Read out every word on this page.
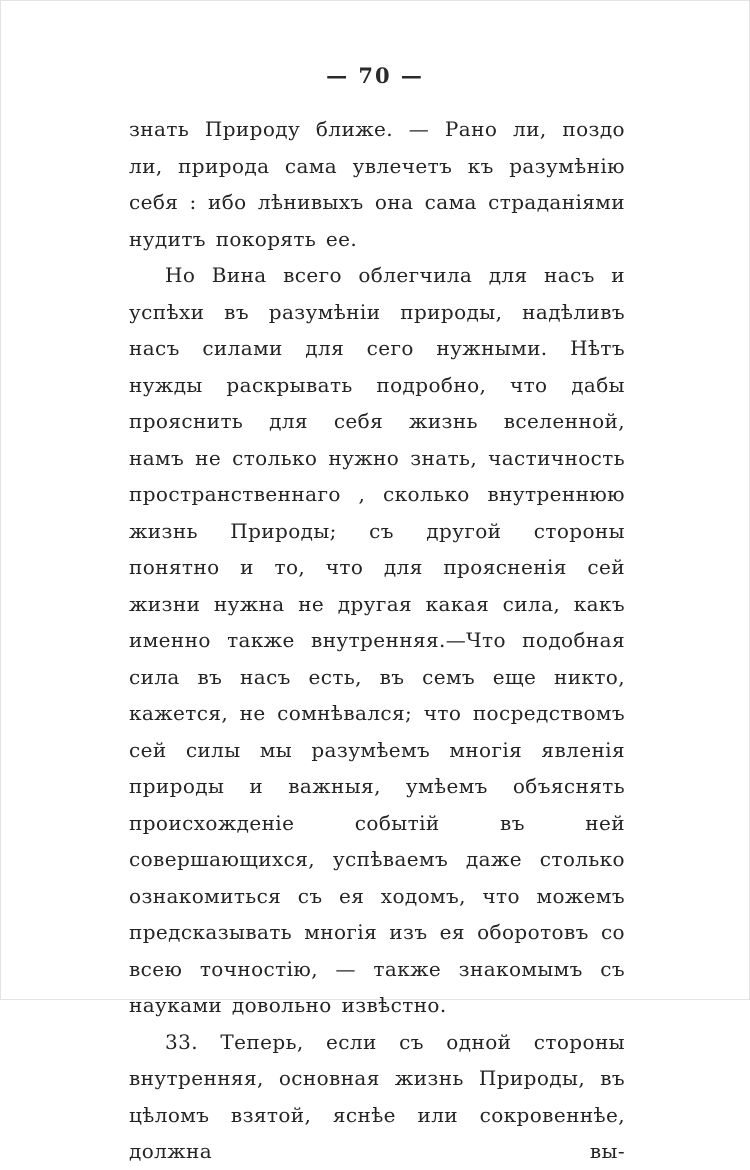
— 70 —

знать Природу ближе. — Рано ли, поздо ли, природа сама увлечетъ къ разумѣнію себя : ибо лѣнивыхъ она сама страданіями нудитъ покорять ее.

Но Вина всего облегчила для насъ и успѣхи въ разумѣніи природы, надѣливъ насъ силами для сего нужными. Нѣтъ нужды раскрывать подробно, что дабы прояснить для себя жизнь вселенной, намъ не столько нужно знать, частичность пространственнаго , сколько внутреннюю жизнь Природы; съ другой стороны понятно и то, что для проясненія сей жизни нужна не другая какая сила, какъ именно также внутренняя.—Что подобная сила въ насъ есть, въ семъ еще никто, кажется, не сомнѣвался; что посредствомъ сей силы мы разумѣемъ многія явленія природы и важныя, умѣемъ объяснять происхожденіе событій въ ней совершающихся, успѣваемъ даже столько ознакомиться съ ея ходомъ, что можемъ предсказывать многія изъ ея оборотовъ со всею точностію, — также знакомымъ съ науками довольно извѣстно.

33. Теперь, если съ одной стороны внутренняя, основная жизнь Природы, въ цѣломъ взятой, яснѣе или сокровеннѣе, должна вы-
